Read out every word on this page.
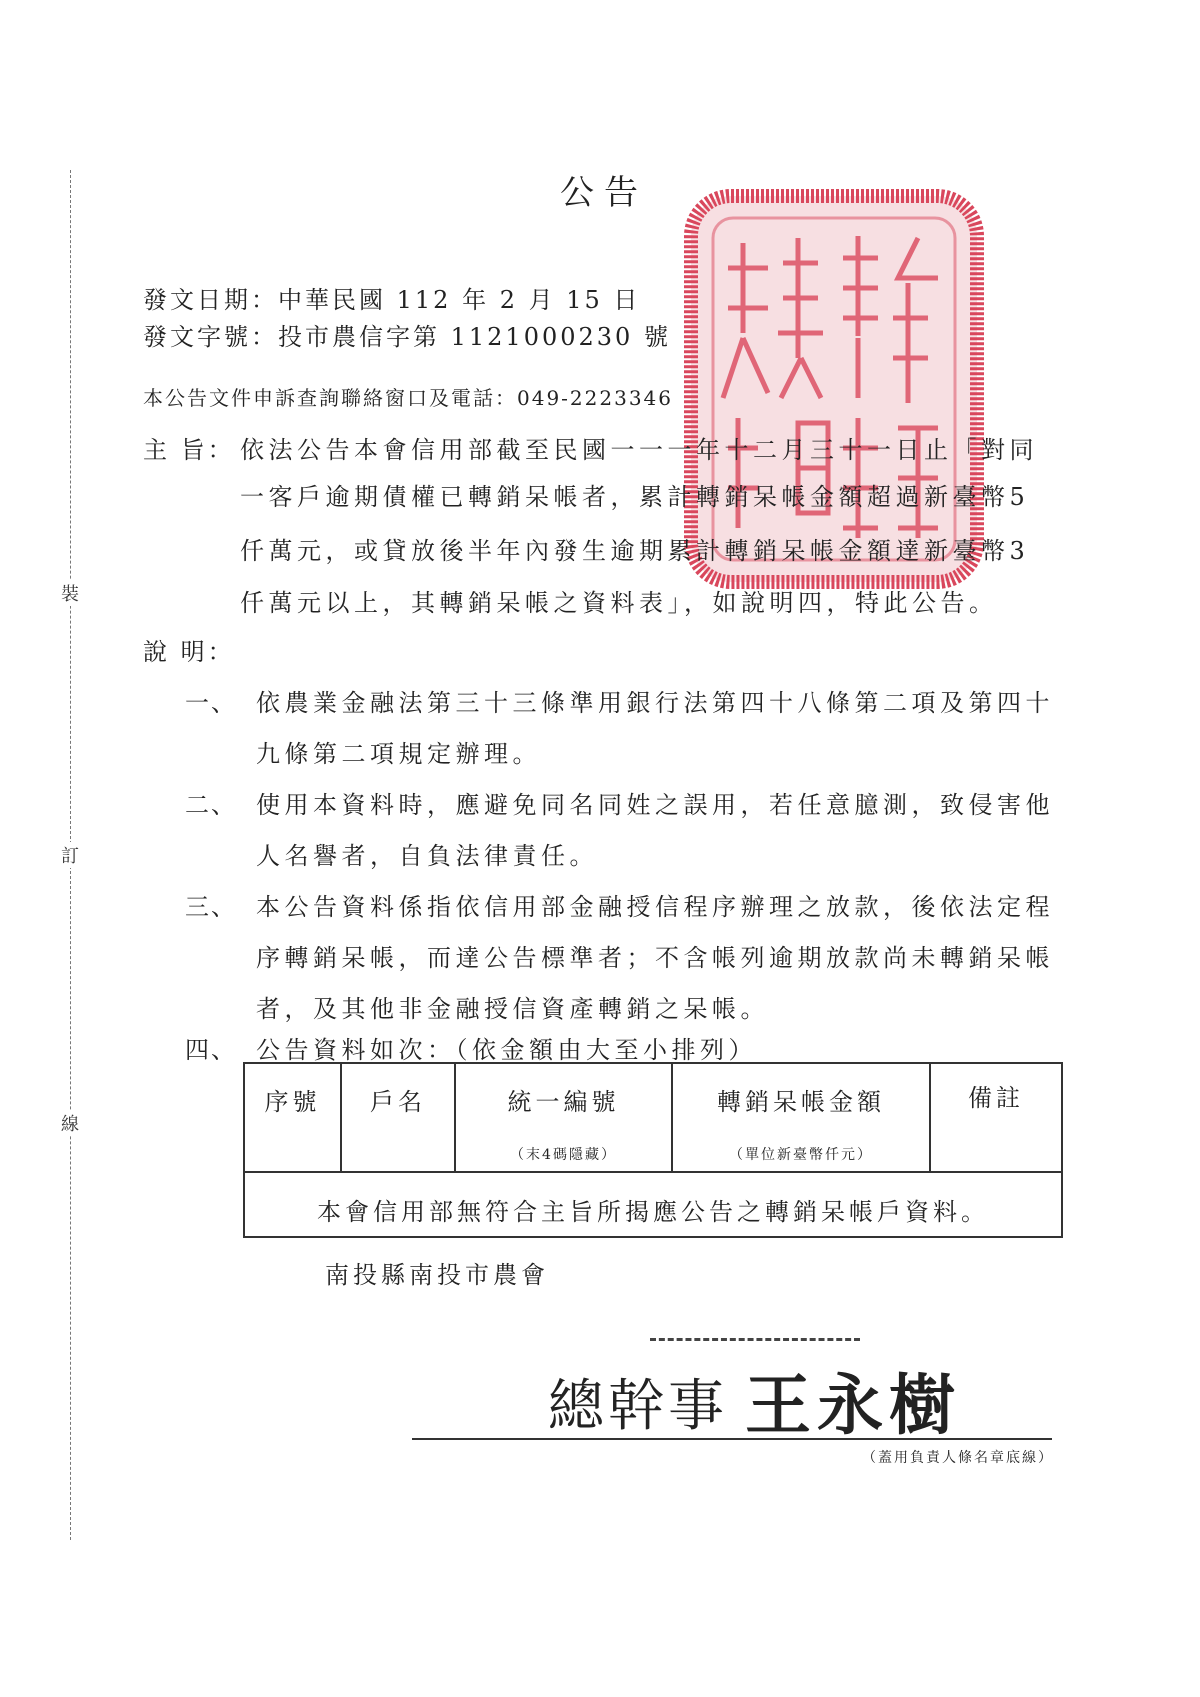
裝
訂
線
公告
發文日期：中華民國 112 年 2 月 15 日
發文字號：投市農信字第 1121000230 號
本公告文件申訴查詢聯絡窗口及電話：049-2223346
主 旨： 依法公告本會信用部截至民國一一一年十二月三十一日止「對同
一客戶逾期債權已轉銷呆帳者，累計轉銷呆帳金額超過新臺幣5
仟萬元，或貸放後半年內發生逾期累計轉銷呆帳金額達新臺幣3
仟萬元以上，其轉銷呆帳之資料表」，如說明四，特此公告。
說 明：
一、 依農業金融法第三十三條準用銀行法第四十八條第二項及第四十
九條第二項規定辦理。
二、 使用本資料時，應避免同名同姓之誤用，若任意臆測，致侵害他
人名譽者，自負法律責任。
三、 本公告資料係指依信用部金融授信程序辦理之放款，後依法定程
序轉銷呆帳，而達公告標準者；不含帳列逾期放款尚未轉銷呆帳
者，及其他非金融授信資產轉銷之呆帳。
四、 公告資料如次：（依金額由大至小排列）
序號	戶名	統一編號
（末4碼隱藏）
轉銷呆帳金額
（單位新臺幣仟元）
備註
本會信用部無符合主旨所揭應公告之轉銷呆帳戶資料。
南投縣南投市農會
總幹事 王永樹
（蓋用負責人條名章底線）
